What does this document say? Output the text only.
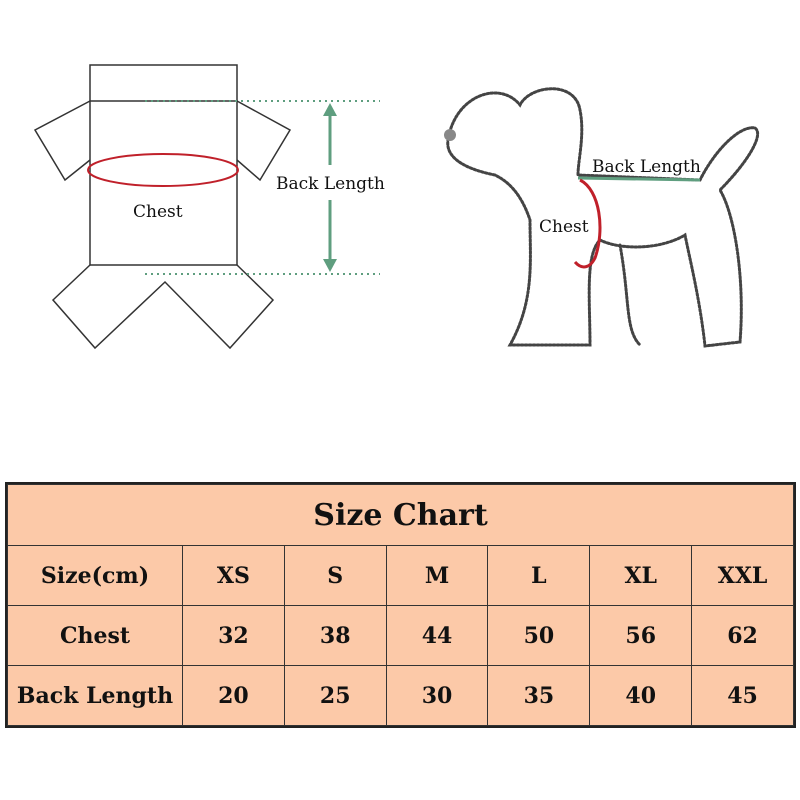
Back Length
Chest
Back Length
Chest
Size Chart						
Size(cm)	XS	S	M	L	XL	XXL
Chest	32	38	44	50	56	62
Back Length	20	25	30	35	40	45
